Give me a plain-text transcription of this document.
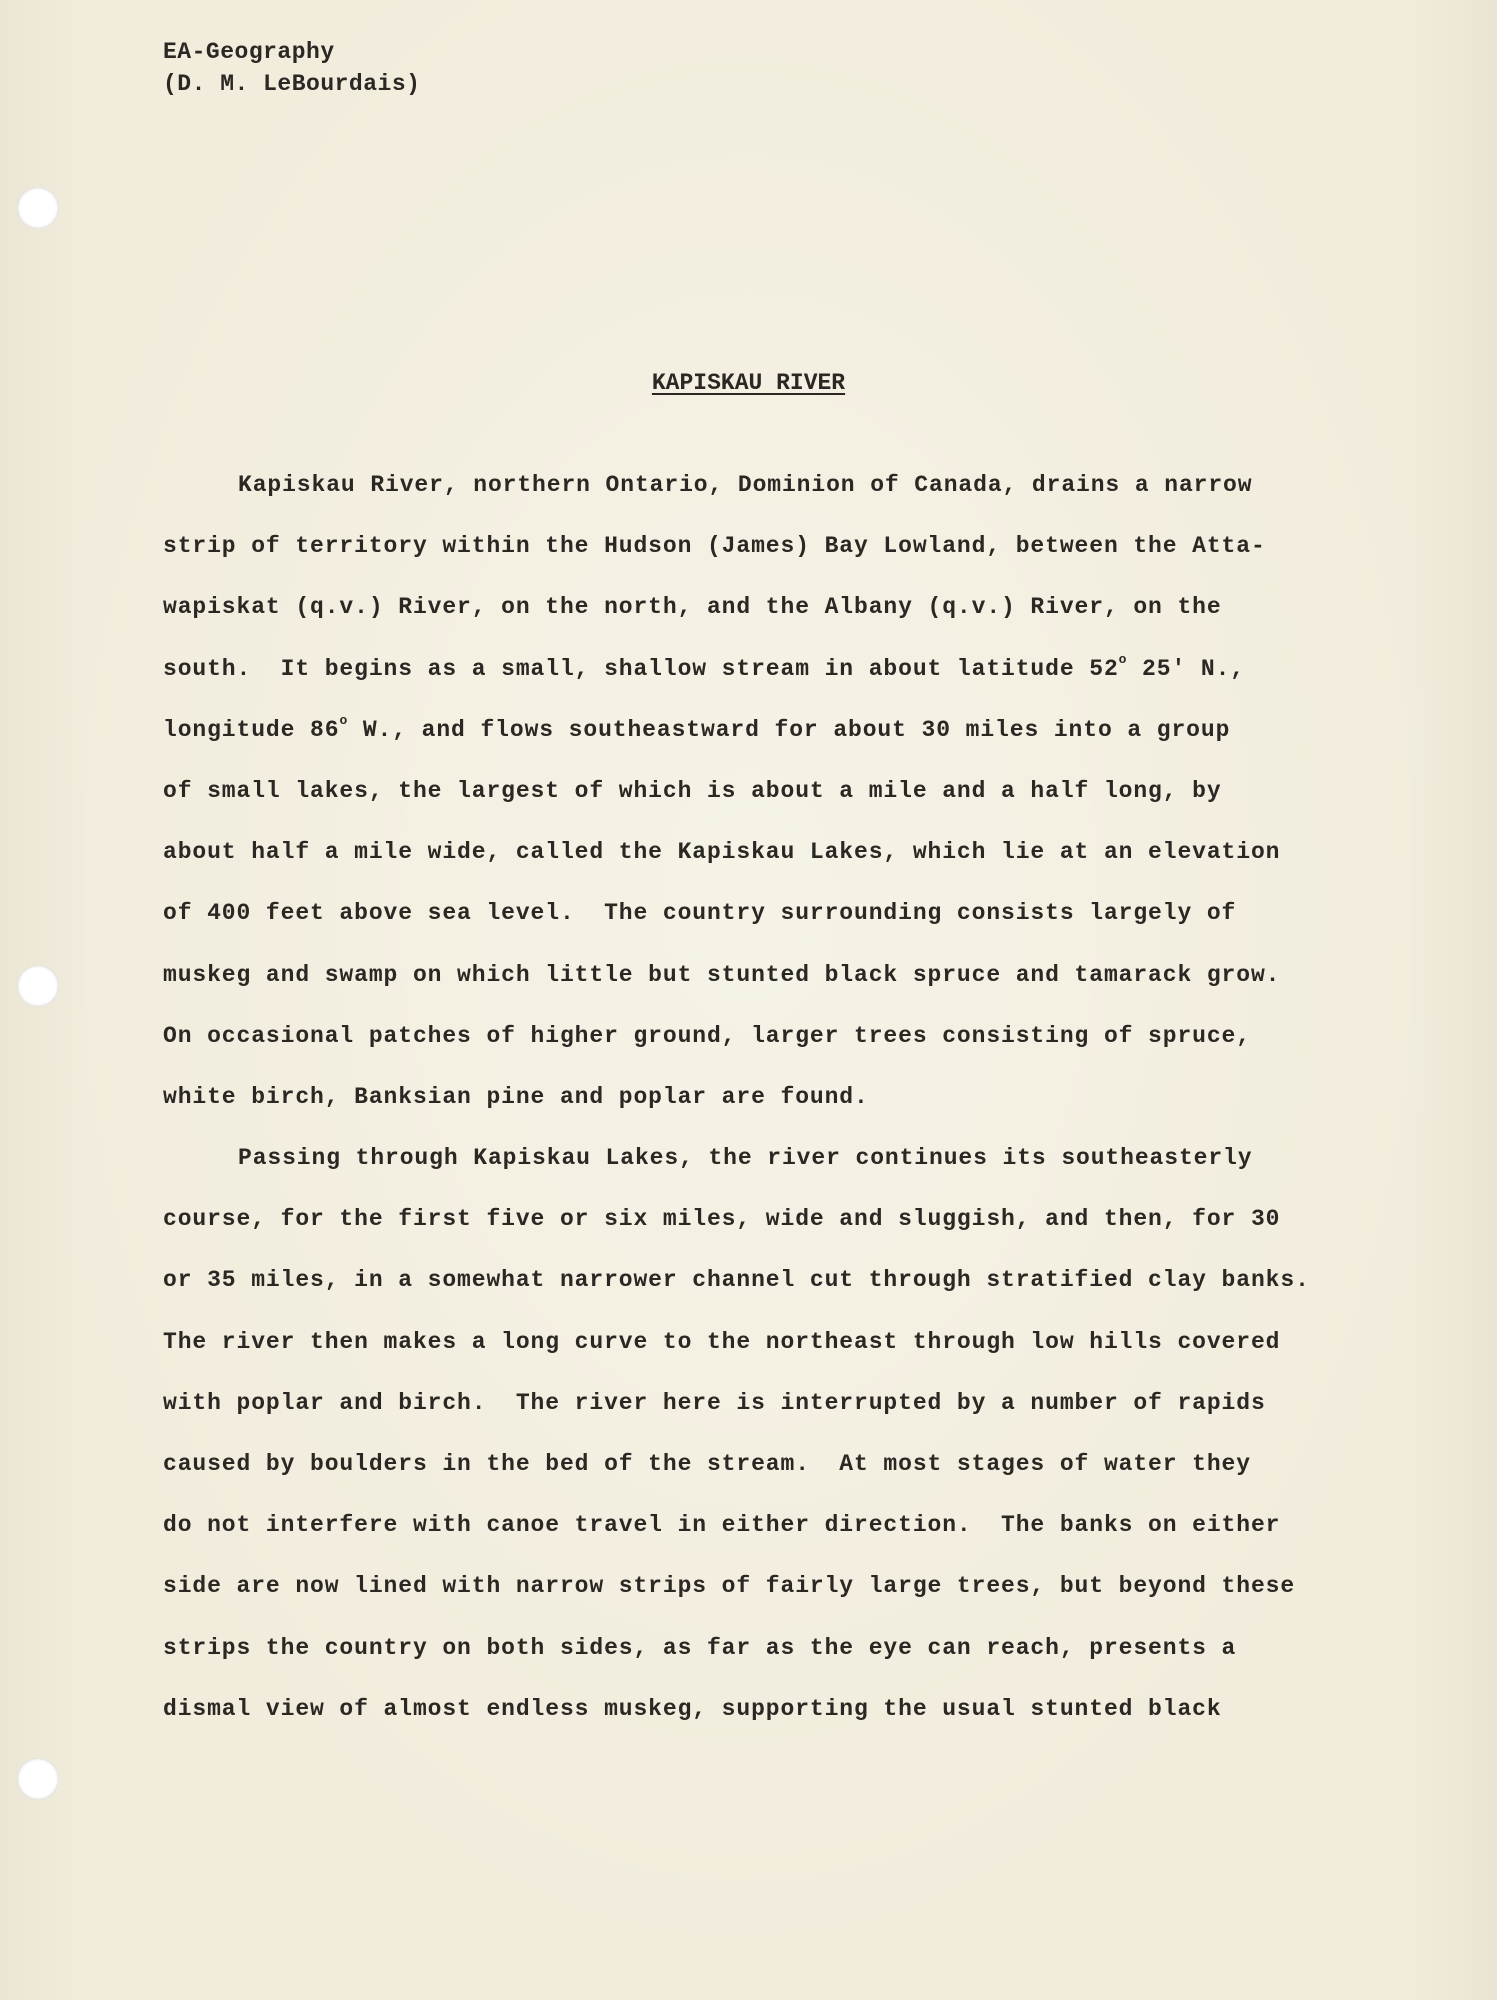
EA-Geography
(D. M. LeBourdais)
KAPISKAU RIVER
Kapiskau River, northern Ontario, Dominion of Canada, drains a narrow
strip of territory within the Hudson (James) Bay Lowland, between the Atta-
wapiskat (q.v.) River, on the north, and the Albany (q.v.) River, on the
south.  It begins as a small, shallow stream in about latitude 52$^o$ 25' N.,
longitude 86$^o$ W., and flows southeastward for about 30 miles into a group
of small lakes, the largest of which is about a mile and a half long, by
about half a mile wide, called the Kapiskau Lakes, which lie at an elevation
of 400 feet above sea level.  The country surrounding consists largely of
muskeg and swamp on which little but stunted black spruce and tamarack grow.
On occasional patches of higher ground, larger trees consisting of spruce,
white birch, Banksian pine and poplar are found.
Passing through Kapiskau Lakes, the river continues its southeasterly
course, for the first five or six miles, wide and sluggish, and then, for 30
or 35 miles, in a somewhat narrower channel cut through stratified clay banks.
The river then makes a long curve to the northeast through low hills covered
with poplar and birch.  The river here is interrupted by a number of rapids
caused by boulders in the bed of the stream.  At most stages of water they
do not interfere with canoe travel in either direction.  The banks on either
side are now lined with narrow strips of fairly large trees, but beyond these
strips the country on both sides, as far as the eye can reach, presents a
dismal view of almost endless muskeg, supporting the usual stunted black
